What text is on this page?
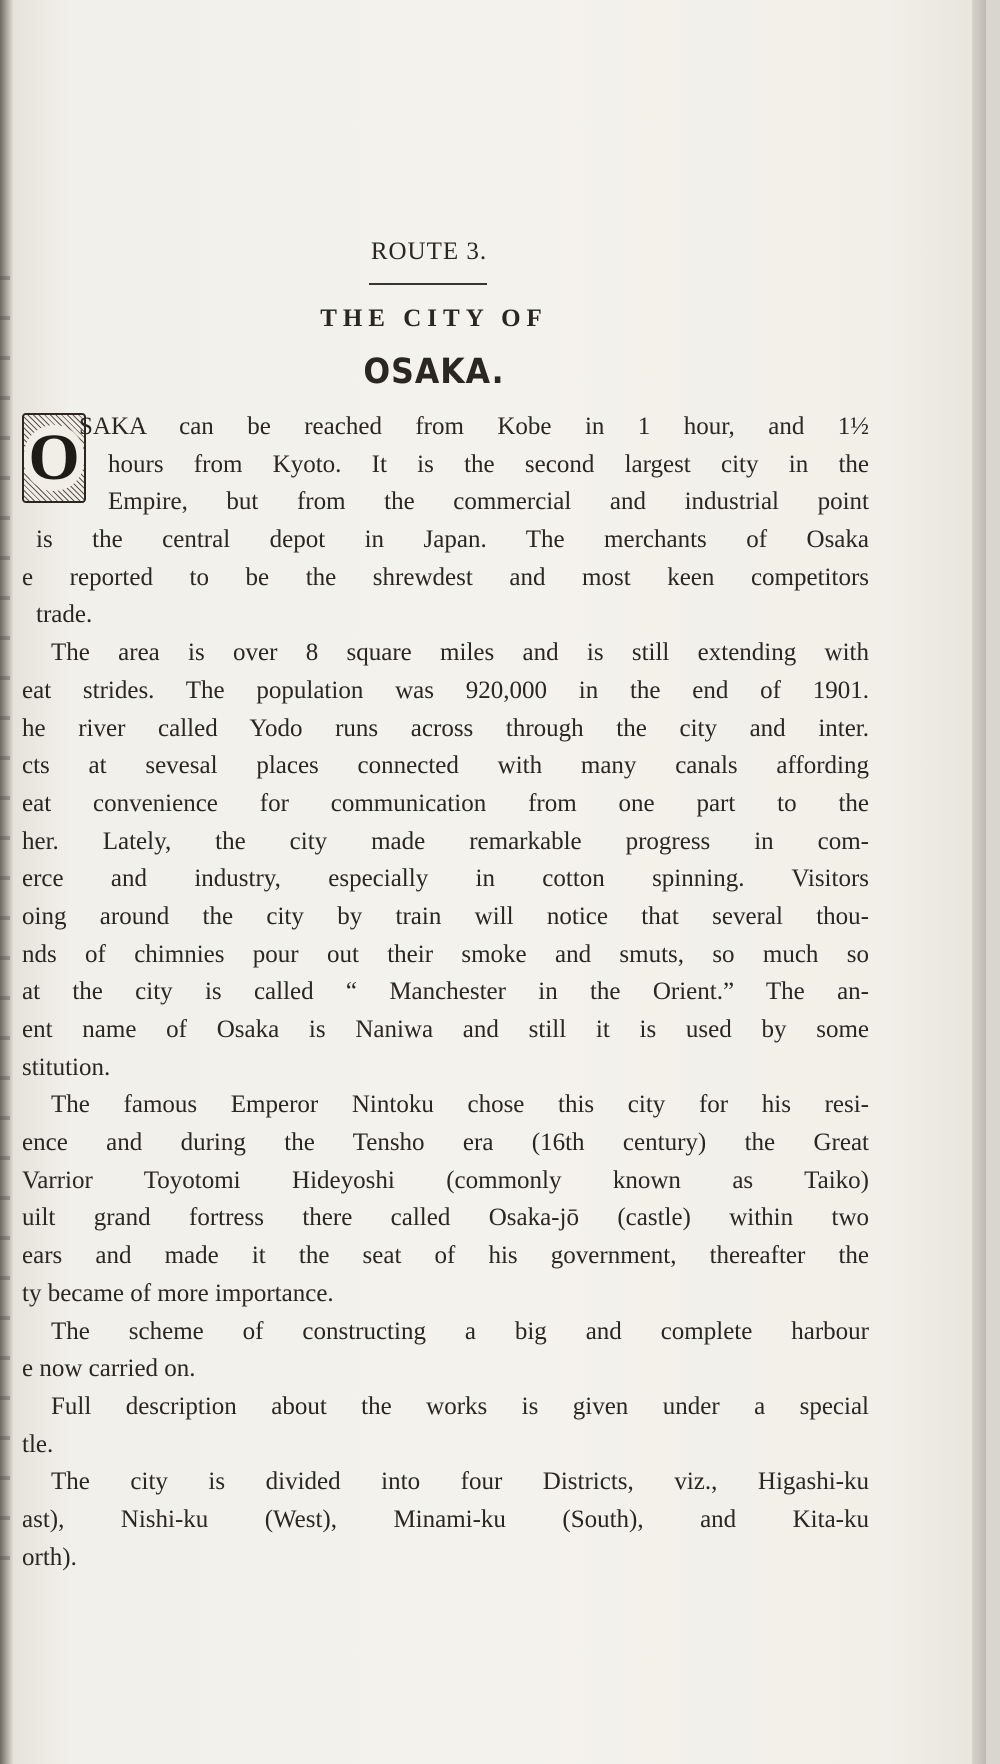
ROUTE 3.
THE CITY OF
OSAKA.
O SAKA can be reached from Kobe in 1 hour, and 1½
hours from Kyoto. It is the second largest city in the
Empire, but from the commercial and industrial point
is the central depot in Japan. The merchants of Osaka
e reported to be the shrewdest and most keen competitors
trade.
The area is over 8 square miles and is still extending with
eat strides. The population was 920,000 in the end of 1901.
he river called Yodo runs across through the city and inter.
cts at sevesal places connected with many canals affording
eat convenience for communication from one part to the
her. Lately, the city made remarkable progress in com-
erce and industry, especially in cotton spinning. Visitors
oing around the city by train will notice that several thou-
nds of chimnies pour out their smoke and smuts, so much so
at the city is called “ Manchester in the Orient.” The an-
ent name of Osaka is Naniwa and still it is used by some
stitution.
The famous Emperor Nintoku chose this city for his resi-
ence and during the Tensho era (16th century) the Great
Varrior Toyotomi Hideyoshi (commonly known as Taiko)
uilt grand fortress there called Osaka-jō (castle) within two
ears and made it the seat of his government, thereafter the
ty became of more importance.
The scheme of constructing a big and complete harbour
e now carried on.
Full description about the works is given under a special
tle.
The city is divided into four Districts, viz., Higashi-ku
ast), Nishi-ku (West), Minami-ku (South), and Kita-ku
orth).
